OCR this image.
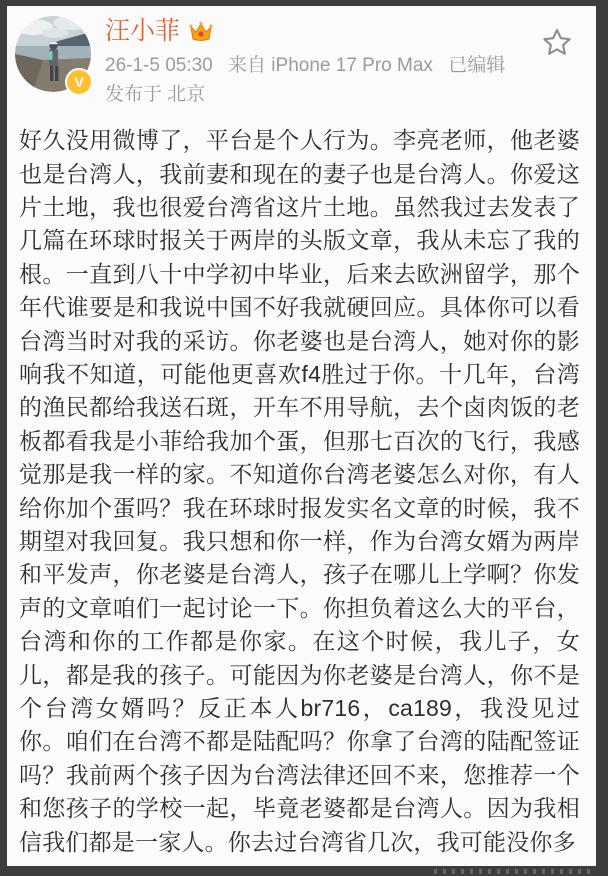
V
汪小菲
26-1-5 05:30 来自 iPhone 17 Pro Max 已编辑
发布于 北京
好久没用微博了，平台是个人行为。李亮老师，他老婆也是台湾人，我前妻和现在的妻子也是台湾人。你爱这片土地，我也很爱台湾省这片土地。虽然我过去发表了几篇在环球时报关于两岸的头版文章，我从未忘了我的根。一直到八十中学初中毕业，后来去欧洲留学，那个年代谁要是和我说中国不好我就硬回应。具体你可以看台湾当时对我的采访。你老婆也是台湾人，她对你的影响我不知道，可能他更喜欢f4胜过于你。十几年，台湾的渔民都给我送石斑，开车不用导航，去个卤肉饭的老板都看我是小菲给我加个蛋，但那七百次的飞行，我感觉那是我一样的家。不知道你台湾老婆怎么对你，有人给你加个蛋吗？我在环球时报发实名文章的时候，我不期望对我回复。我只想和你一样，作为台湾女婿为两岸和平发声，你老婆是台湾人，孩子在哪儿上学啊？你发声的文章咱们一起讨论一下。你担负着这么大的平台，台湾和你的工作都是你家。在这个时候，我儿子，女儿，都是我的孩子。可能因为你老婆是台湾人，你不是个台湾女婿吗？反正本人br716，ca189，我没见过你。咱们在台湾不都是陆配吗？你拿了台湾的陆配签证吗？我前两个孩子因为台湾法律还回不来，您推荐一个和您孩子的学校一起，毕竟老婆都是台湾人。因为我相信我们都是一家人。你去过台湾省几次，我可能没你多
